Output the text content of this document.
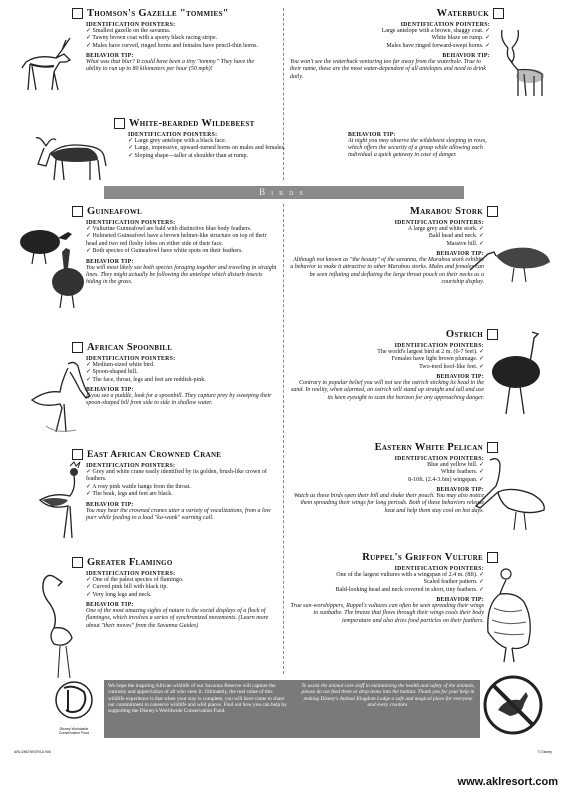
Thomson's Gazelle "tommies"
IDENTIFICATION POINTERS:
✓ Smallest gazelle on the savanna.
✓ Tawny brown coat with a sporty black racing stripe.
✓ Males have curved, ringed horns and females have pencil-thin horns.
BEHAVIOR TIP:
What was that blur? It could have been a tiny "tommy." They have the ability to run up to 80 kilometers per hour (50 mph)!
Waterbuck
IDENTIFICATION POINTERS:
Large antelope with a brown, shaggy coat. ✓
White blaze on rump. ✓
Males have ringed forward-swept horns. ✓
BEHAVIOR TIP:
You won't see the waterbuck venturing too far away from the waterhole. True to their name, these are the most water-dependent of all antelopes and need to drink daily.
White-bearded Wildebeest
IDENTIFICATION POINTERS:
✓ Large grey antelope with a black face.
✓ Large, impressive, upward-turned horns on males and females.
✓ Sloping shape—taller at shoulder than at rump.
BEHAVIOR TIP:
At night you may observe the wildebeest sleeping in rows, which offers the security of a group while allowing each individual a quick getaway in case of danger.
Birds
Guineafowl
IDENTIFICATION POINTERS:
✓ Vulturine Guineafowl are bald with distinctive blue body feathers.
✓ Helmeted Guineafowl have a brown helmet-like structure on top of their head and two red fleshy lobes on either side of their face.
✓ Both species of Guineafowl have white spots on their feathers.
BEHAVIOR TIP:
You will most likely see both species foraging together and traveling in straight lines. They might actually be following the antelope which disturb insects hiding in the grass.
African Spoonbill
IDENTIFICATION POINTERS:
✓ Medium-sized white bird.
✓ Spoon-shaped bill.
✓ The face, throat, legs and feet are reddish-pink.
BEHAVIOR TIP:
If you see a puddle, look for a spoonbill. They capture prey by sweeping their spoon-shaped bill from side to side in shallow water.
East African Crowned Crane
IDENTIFICATION POINTERS:
✓ Grey and white crane easily identified by its golden, brush-like crown of feathers.
✓ A rosy pink wattle hangs from the throat.
✓ The beak, legs and feet are black.
BEHAVIOR TIP:
You may hear the crowned cranes utter a variety of vocalizations, from a low purr while feeding to a loud "ka-wunk" warning call.
Greater Flamingo
IDENTIFICATION POINTERS:
✓ One of the palest species of flamingo.
✓ Curved pink bill with black tip.
✓ Very long legs and neck.
BEHAVIOR TIP:
One of the most amazing sights of nature is the social displays of a flock of flamingos, which involves a series of synchronized movements. (Learn more about "their moves" from the Savanna Guides)
Marabou Stork
IDENTIFICATION POINTERS:
A large grey and white stork. ✓
Bald head and neck. ✓
Massive bill. ✓
BEHAVIOR TIP:
Although not known as "the beauty" of the savanna, the Marabou stork exhibits a behavior to make it attractive to other Marabou storks. Males and females can be seen inflating and deflating the large throat pouch on their necks as a courtship display.
Ostrich
IDENTIFICATION POINTERS:
The world's largest bird at 2 m. (6-7 feet). ✓
Females have light brown plumage. ✓
Two-toed hoof-like feet. ✓
BEHAVIOR TIP:
Contrary to popular belief you will not see the ostrich sticking its head in the sand. In reality, when alarmed, an ostrich will stand up straight and tall and use its keen eyesight to scan the horizon for any approaching danger.
Eastern White Pelican
IDENTIFICATION POINTERS:
Blue and yellow bill. ✓
White feathers. ✓
8-10ft. (2.4-3.6m) wingspan. ✓
BEHAVIOR TIP:
Watch as these birds open their bill and shake their pouch. You may also notice them spreading their wings for long periods. Both of these behaviors release heat and help them stay cool on hot days.
Ruppel's Griffon Vulture
IDENTIFICATION POINTERS:
One of the largest vultures with a wingspan of 2.4 m. (8ft). ✓
Scaled feather pattern. ✓
Bald-looking head and neck covered in short, tiny feathers. ✓
BEHAVIOR TIP:
True sun-worshippers, Ruppel's vultures can often be seen spreading their wings to sunbathe. The breeze that flows through their wings cools their body temperature and also dries food particles on their feathers.
Disney Worldwide Conservation Fund
We hope the inspiring African wildlife of our Savanna Reserve will capture the curiosity and appreciation of all who view it. Ultimately, the real value of this wildlife experience is that when your stay is complete, you will have come to share our commitment to conserve wildlife and wild places. Find out how you can help by supporting the Disney's Worldwide Conservation Fund.
To assist the animal care staff in maintaining the health and safety of the animals, please do not feed them or drop items into the habitat. Thank you for your help in making Disney's Animal Kingdom Lodge a safe and magical place for everyone and every creature.
ARL/2567/WCR/1A 906	© Disney
www.aklresort.com
